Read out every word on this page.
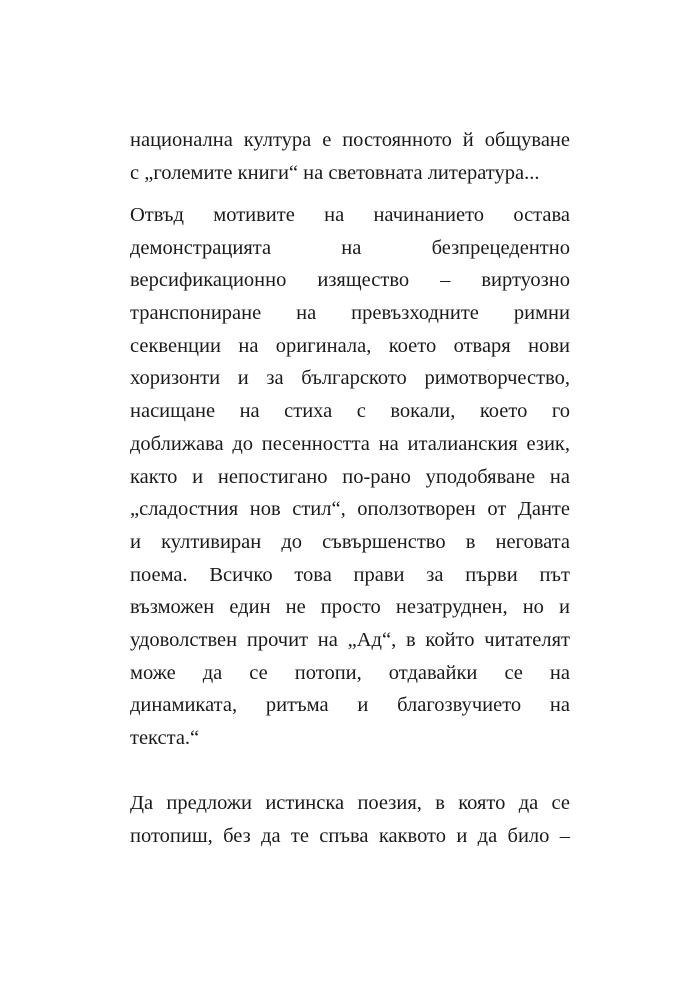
национална култура е постоянното й общуване
с „големите книги“ на световната литература...
Отвъд мотивите на начинанието остава
демонстрацията на безпрецедентно
версификационно изящество – виртуозно
транспониране на превъзходните римни
секвенции на оригинала, което отваря нови
хоризонти и за българското римотворчество,
насищане на стиха с вокали, което го
доближава до песенността на италианския език,
както и непостигано по-рано уподобяване на
„сладостния нов стил“, оползотворен от Данте
и култивиран до съвършенство в неговата
поема. Всичко това прави за първи път
възможен един не просто незатруднен, но и
удоволствен прочит на „Ад“, в който читателят
може да се потопи, отдавайки се на
динамиката, ритъма и благозвучието на
текста.“
Да предложи истинска поезия, в която да се
потопиш, без да те спъва каквото и да било –
